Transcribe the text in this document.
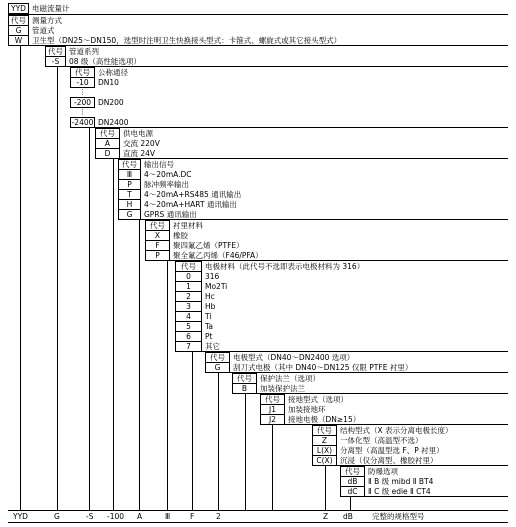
YYD 电磁流量计
代号 测量方式
G	管道式
W	卫生型（DN25～DN150，选型时注明卫生快换接头型式：卡箍式、螺旋式或其它接头型式）
代号 管道系列
-S	08 级（高性能选项）
代号	公称通径
-10	DN10
⋮
-200 DN200
⋮
-2400 DN2400
代号	供电电源
A	交流 220V
D	直流 24V
代号 输出信号
Ⅲ	4～20mA.DC
P	脉冲频率输出
T	4～20mA+RS485 通讯输出
H	4～20mA+HART 通讯输出
G	GPRS 通讯输出
代号	衬里材料
X	橡胶
F	聚四氟乙烯（PTFE）
P	聚全氟乙丙烯（F46/PFA）
代号	电极材料（此代号不选即表示电极材料为 316）
0	316
1	Mo2Ti
2	Hc
3	Hb
4	Ti
5	Ta
6	Pt
7	其它
代号	电极型式（DN40～DN2400 选项）
G	刮刀式电极（其中 DN40～DN125 仅限 PTFE 衬里）
代号	保护法兰（选项）
B	加装保护法兰
代号	接地型式（选项）
J1	加装接地环
J2	接地电极（DN≥15）
代号	结构型式（X 表示分离电极长度）
Z	一体化型（高温型不选）
L(X)	分离型（高温型选 F、P 衬里）
C(X) 沉浸（仅分离型、橡胶衬里）
代号	防爆选项
dB	Ⅱ B 级 mibd Ⅱ BT4
dC	Ⅱ C 级 edie Ⅱ CT4
YYD	G	-S -100 A	Ⅲ	F	2	Z dB	完整的规格型号
